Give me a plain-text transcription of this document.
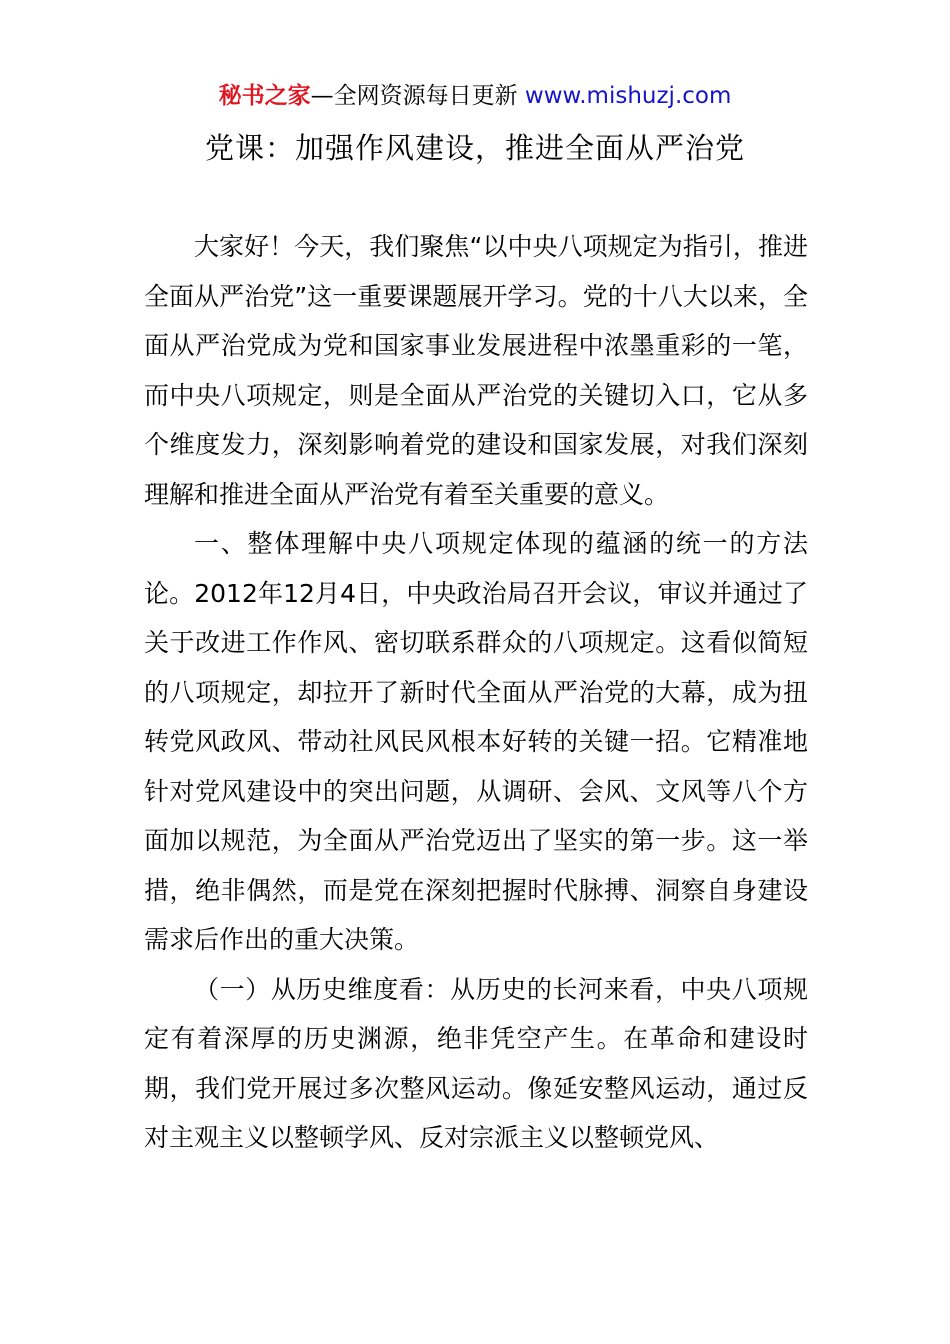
秘书之家—全网资源每日更新 www.mishuzj.com
党课：加强作风建设，推进全面从严治党

大家好！今天，我们聚焦“以中央八项规定为指引，推进全面从严治党”这一重要课题展开学习。党的十八大以来，全面从严治党成为党和国家事业发展进程中浓墨重彩的一笔，而中央八项规定，则是全面从严治党的关键切入口，它从多个维度发力，深刻影响着党的建设和国家发展，对我们深刻理解和推进全面从严治党有着至关重要的意义。

一、整体理解中央八项规定体现的蕴涵的统一的方法论。2012年12月4日，中央政治局召开会议，审议并通过了关于改进工作作风、密切联系群众的八项规定。这看似简短的八项规定，却拉开了新时代全面从严治党的大幕，成为扭转党风政风、带动社风民风根本好转的关键一招。它精准地针对党风建设中的突出问题，从调研、会风、文风等八个方面加以规范，为全面从严治党迈出了坚实的第一步。这一举措，绝非偶然，而是党在深刻把握时代脉搏、洞察自身建设需求后作出的重大决策。

（一）从历史维度看：从历史的长河来看，中央八项规定有着深厚的历史渊源，绝非凭空产生。在革命和建设时期，我们党开展过多次整风运动。像延安整风运动，通过反对主观主义以整顿学风、反对宗派主义以整顿党风、
